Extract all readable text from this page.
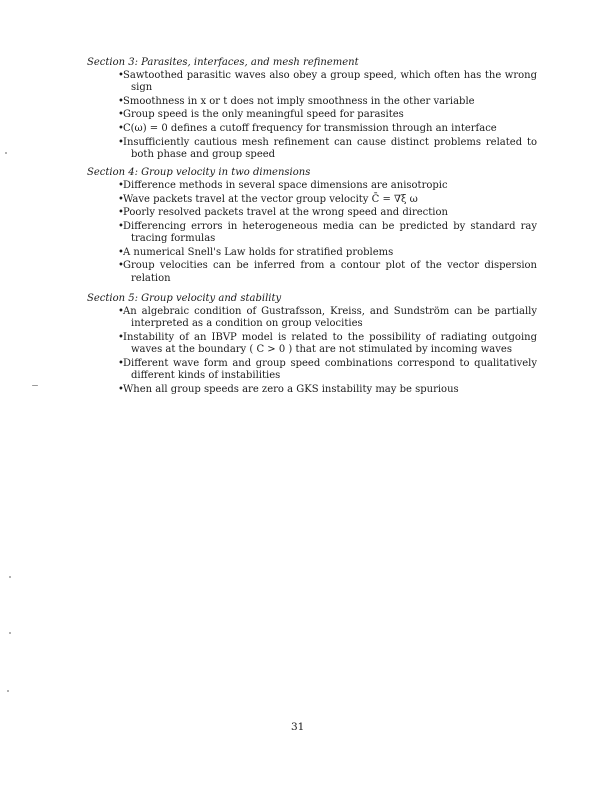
Section 3: Parasites, interfaces, and mesh refinement
• Sawtoothed parasitic waves also obey a group speed, which often has the wrong sign
• Smoothness in x or t does not imply smoothness in the other variable
• Group speed is the only meaningful speed for parasites
• C(ω) = 0 defines a cutoff frequency for transmission through an interface
• Insufficiently cautious mesh refinement can cause distinct problems related to both phase and group speed
Section 4: Group velocity in two dimensions
• Difference methods in several space dimensions are anisotropic
• Wave packets travel at the vector group velocity C̄ = ∇ξ ω
• Poorly resolved packets travel at the wrong speed and direction
• Differencing errors in heterogeneous media can be predicted by standard ray tracing formulas
• A numerical Snell's Law holds for stratified problems
• Group velocities can be inferred from a contour plot of the vector dispersion relation
Section 5: Group velocity and stability
• An algebraic condition of Gustrafsson, Kreiss, and Sundström can be partially interpreted as a condition on group velocities
• Instability of an IBVP model is related to the possibility of radiating outgoing waves at the boundary ( C > 0 ) that are not stimulated by incoming waves
• Different wave form and group speed combinations correspond to qualitatively different kinds of instabilities
• When all group speeds are zero a GKS instability may be spurious
31
